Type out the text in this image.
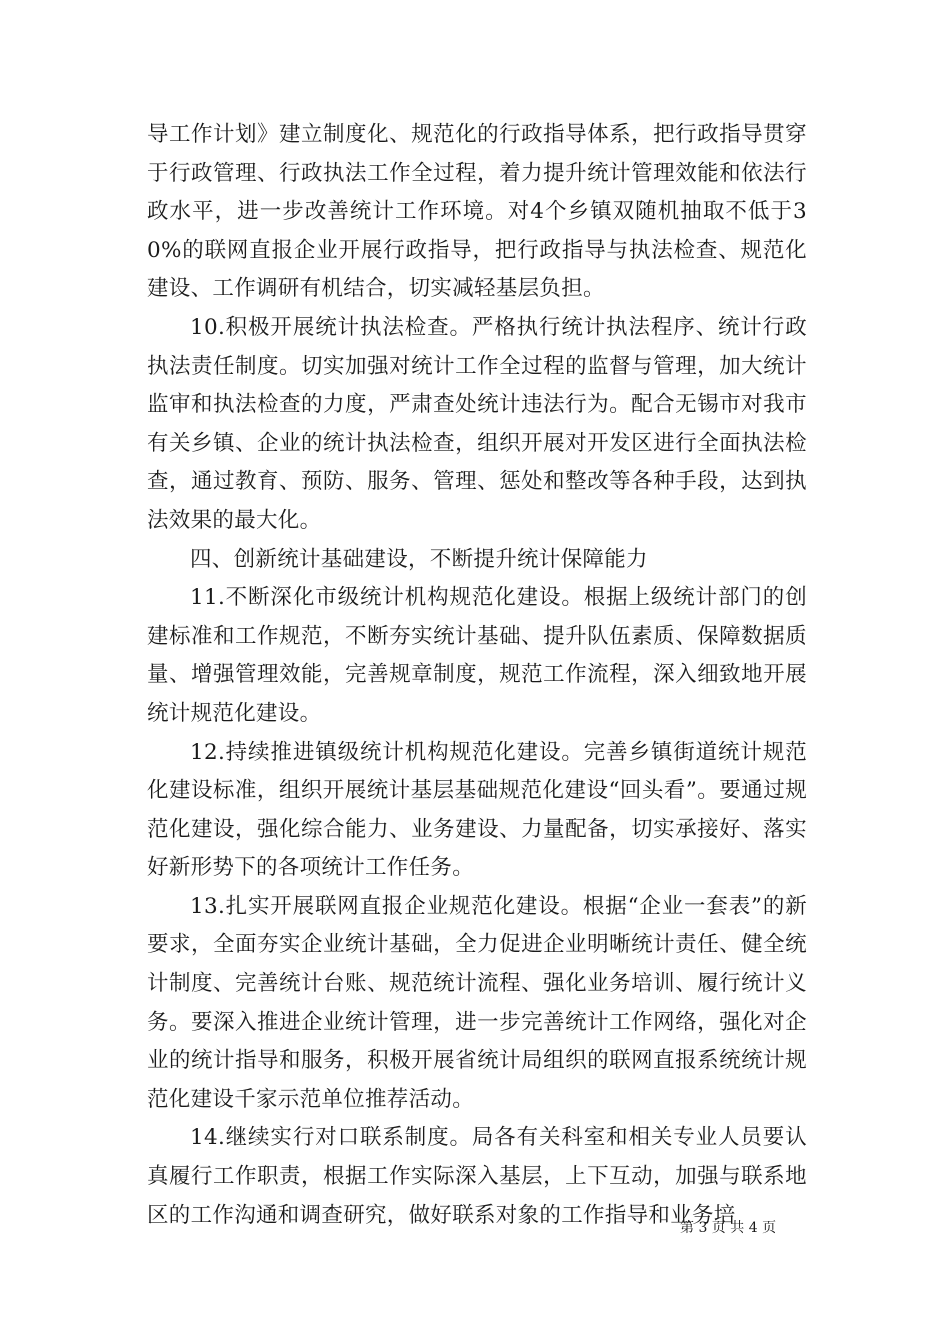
导工作计划》建立制度化、规范化的行政指导体系，把行政指导贯穿于行政管理、行政执法工作全过程，着力提升统计管理效能和依法行政水平，进一步改善统计工作环境。对4个乡镇双随机抽取不低于30%的联网直报企业开展行政指导，把行政指导与执法检查、规范化建设、工作调研有机结合，切实减轻基层负担。

10.积极开展统计执法检查。严格执行统计执法程序、统计行政执法责任制度。切实加强对统计工作全过程的监督与管理，加大统计监审和执法检查的力度，严肃查处统计违法行为。配合无锡市对我市有关乡镇、企业的统计执法检查，组织开展对开发区进行全面执法检查，通过教育、预防、服务、管理、惩处和整改等各种手段，达到执法效果的最大化。

四、创新统计基础建设，不断提升统计保障能力

11.不断深化市级统计机构规范化建设。根据上级统计部门的创建标准和工作规范，不断夯实统计基础、提升队伍素质、保障数据质量、增强管理效能，完善规章制度，规范工作流程，深入细致地开展统计规范化建设。

12.持续推进镇级统计机构规范化建设。完善乡镇街道统计规范化建设标准，组织开展统计基层基础规范化建设“回头看”。要通过规范化建设，强化综合能力、业务建设、力量配备，切实承接好、落实好新形势下的各项统计工作任务。

13.扎实开展联网直报企业规范化建设。根据“企业一套表”的新要求，全面夯实企业统计基础，全力促进企业明晰统计责任、健全统计制度、完善统计台账、规范统计流程、强化业务培训、履行统计义务。要深入推进企业统计管理，进一步完善统计工作网络，强化对企业的统计指导和服务，积极开展省统计局组织的联网直报系统统计规范化建设千家示范单位推荐活动。

14.继续实行对口联系制度。局各有关科室和相关专业人员要认真履行工作职责，根据工作实际深入基层，上下互动，加强与联系地区的工作沟通和调查研究，做好联系对象的工作指导和业务培

第 3 页 共 4 页
